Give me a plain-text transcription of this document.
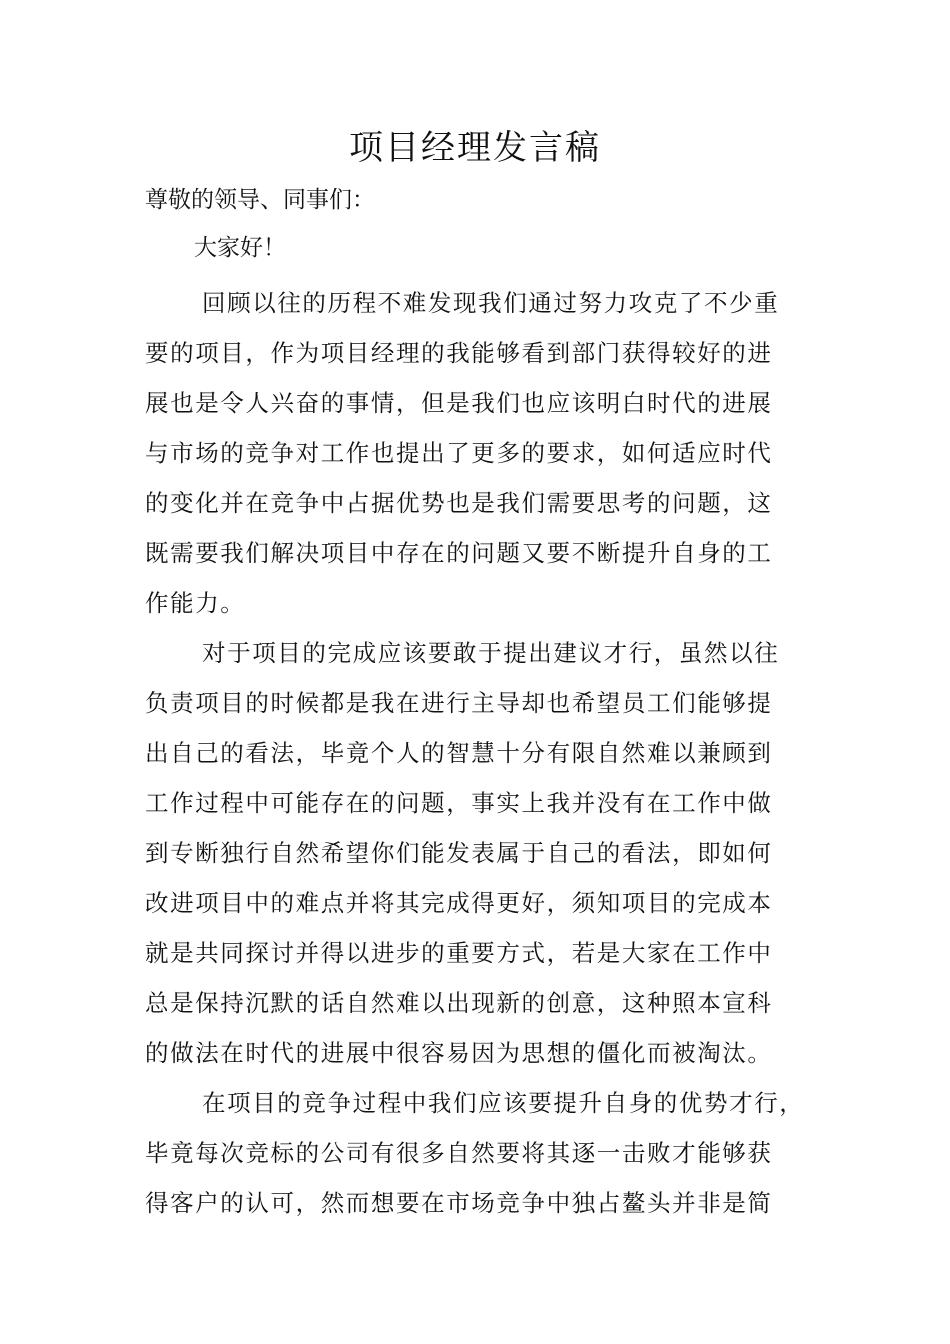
项目经理发言稿
尊敬的领导、同事们：
大家好！
回顾以往的历程不难发现我们通过努力攻克了不少重
要的项目，作为项目经理的我能够看到部门获得较好的进
展也是令人兴奋的事情，但是我们也应该明白时代的进展
与市场的竞争对工作也提出了更多的要求，如何适应时代
的变化并在竞争中占据优势也是我们需要思考的问题，这
既需要我们解决项目中存在的问题又要不断提升自身的工
作能力。
对于项目的完成应该要敢于提出建议才行，虽然以往
负责项目的时候都是我在进行主导却也希望员工们能够提
出自己的看法，毕竟个人的智慧十分有限自然难以兼顾到
工作过程中可能存在的问题，事实上我并没有在工作中做
到专断独行自然希望你们能发表属于自己的看法，即如何
改进项目中的难点并将其完成得更好，须知项目的完成本
就是共同探讨并得以进步的重要方式，若是大家在工作中
总是保持沉默的话自然难以出现新的创意，这种照本宣科
的做法在时代的进展中很容易因为思想的僵化而被淘汰。
在项目的竞争过程中我们应该要提升自身的优势才行，
毕竟每次竞标的公司有很多自然要将其逐一击败才能够获
得客户的认可，然而想要在市场竞争中独占鳌头并非是简
